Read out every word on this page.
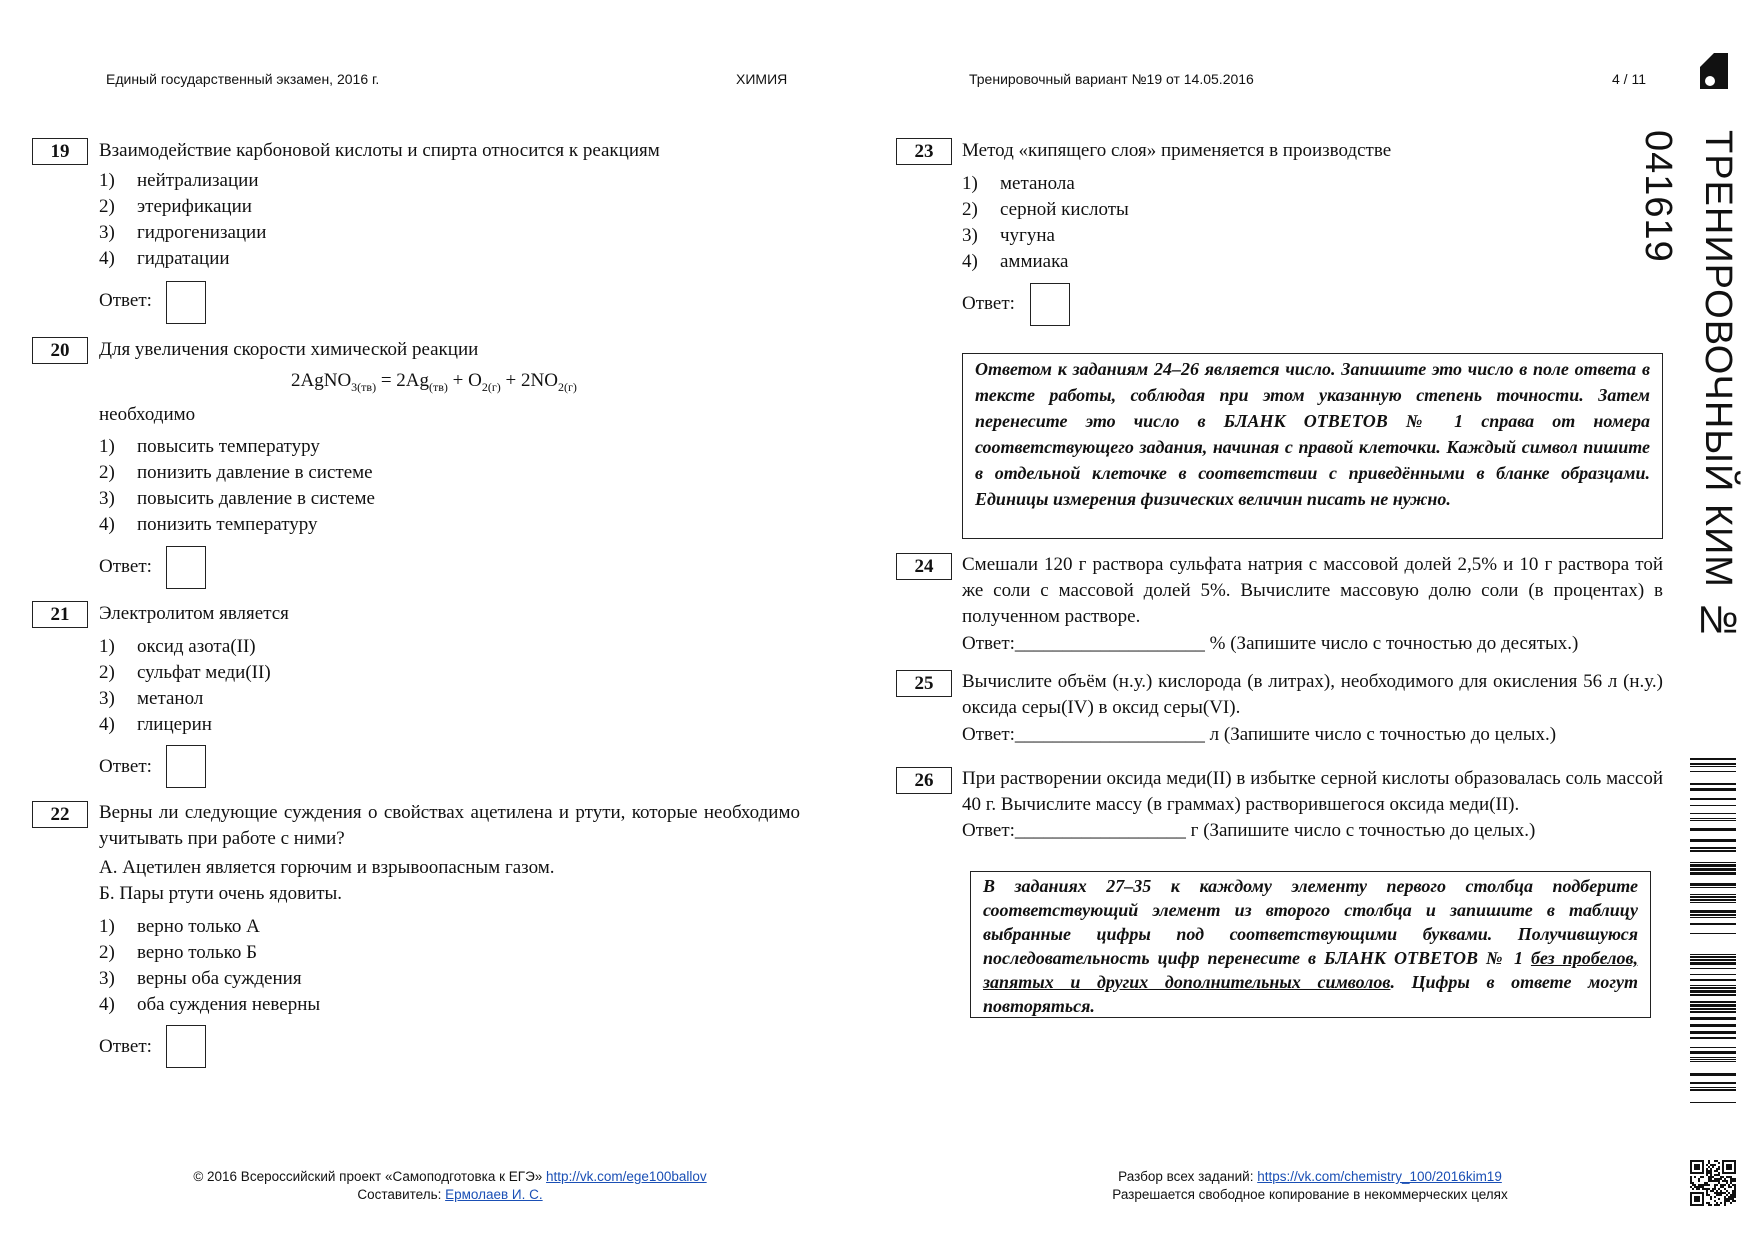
Единый государственный экзамен, 2016 г.	ХИМИЯ	Тренировочный вариант №19 от 14.05.2016	4 / 11
ТРЕНИРОВОЧНЫЙ КИМ № 041619
19	Взаимодействие карбоновой кислоты и спирта относится к реакциям
1) нейтрализации
2) этерификации
3) гидрогенизации
4) гидратации
Ответ:
20	Для увеличения скорости химической реакции
2AgNO$_{3(тв)}$ = $2Ag_{(тв)} + O_{2(г)} + 2NO_{2(г)}$
необходимо
1) повысить температуру
2) понизить давление в системе
3) повысить давление в системе
4) понизить температуру
Ответ:
21	Электролитом является
1) оксид азота(II)
2) сульфат меди(II)
3) метанол
4) глицерин
Ответ:
22	Верны ли следующие суждения о свойствах ацетилена и ртути, которые необходимо учитывать при работе с ними?
А. Ацетилен является горючим и взрывоопасным газом.
Б. Пары ртути очень ядовиты.
1) верно только А
2) верно только Б
3) верны оба суждения
4) оба суждения неверны
Ответ:
23	Метод «кипящего слоя» применяется в производстве
1) метанола
2) серной кислоты
3) чугуна
4) аммиака
Ответ:
Ответом к заданиям 24–26 является число. Запишите это число в поле ответа в тексте работы, соблюдая при этом указанную степень точности. Затем перенесите это число в БЛАНК ОТВЕТОВ № 1 справа от номера соответствующего задания, начиная с правой клеточки. Каждый символ пишите в отдельной клеточке в соответствии с приведёнными в бланке образцами. Единицы измерения физических величин писать не нужно.
24	Смешали 120 г раствора сульфата натрия с массовой долей 2,5% и 10 г раствора той же соли с массовой долей 5%. Вычислите массовую долю соли (в процентах) в полученном растворе.
Ответ:____________________ % (Запишите число с точностью до десятых.)
25	Вычислите объём (н.у.) кислорода (в литрах), необходимого для окисления 56 л (н.у.) оксида серы(IV) в оксид серы(VI).
Ответ:____________________ л (Запишите число с точностью до целых.)
26	При растворении оксида меди(II) в избытке серной кислоты образовалась соль массой 40 г. Вычислите массу (в граммах) растворившегося оксида меди(II).
Ответ:__________________ г (Запишите число с точностью до целых.)
В заданиях 27–35 к каждому элементу первого столбца подберите соответствующий элемент из второго столбца и запишите в таблицу выбранные цифры под соответствующими буквами. Получившуюся последовательность цифр перенесите в БЛАНК ОТВЕТОВ № 1 без пробелов, запятых и других дополнительных символов. Цифры в ответе могут повторяться.
© 2016 Всероссийский проект «Самоподготовка к ЕГЭ» http://vk.com/ege100ballov
Составитель: Ермолаев И. С.
Разбор всех заданий: https://vk.com/chemistry_100/2016kim19
Разрешается свободное копирование в некоммерческих целях
